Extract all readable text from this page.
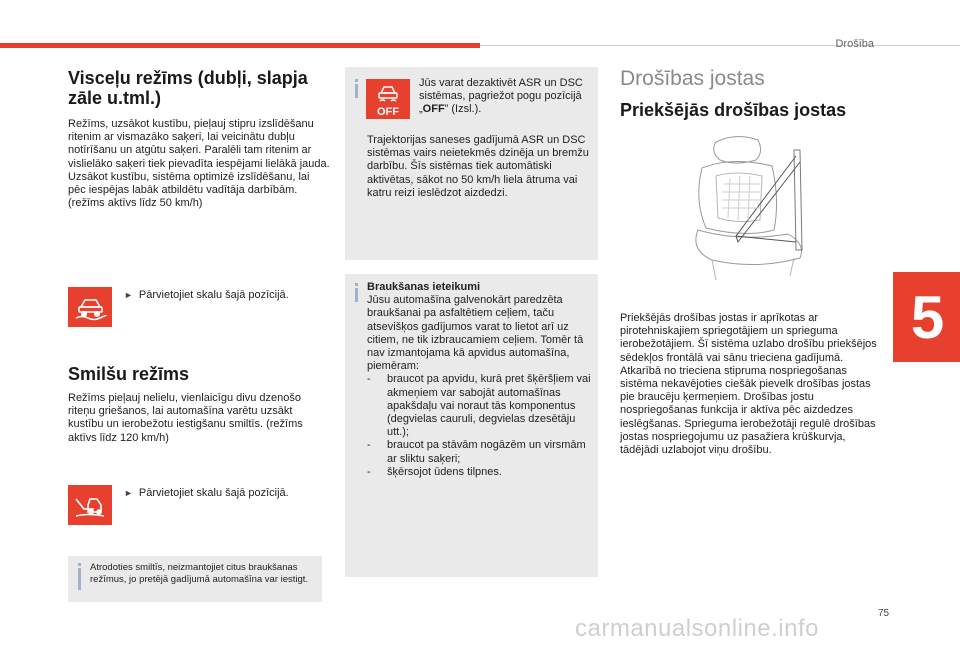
Drošība
5
75
carmanualsonline.info
Visceļu režīms (dubļi, slapja zāle u.tml.)
Režīms, uzsākot kustību, pieļauj stipru izslīdēšanu ritenim ar vismazāko saķeri, lai veicinātu dubļu notīrīšanu un atgūtu saķeri. Paralēli tam ritenim ar vislielāko saķeri tiek pievadīta iespējami lielākā jauda. Uzsākot kustību, sistēma optimizē izslīdēšanu, lai pēc iespējas labāk atbildētu vadītāja darbībām. (režīms aktīvs līdz 50 km/h)
► Pārvietojiet skalu šajā pozīcijā.
Smilšu režīms
Režīms pieļauj nelielu, vienlaicīgu divu dzenošo riteņu griešanos, lai automašīna varētu uzsākt kustību un ierobežotu iestigšanu smiltīs. (režīms aktīvs līdz 120 km/h)
► Pārvietojiet skalu šajā pozīcijā.
Atrodoties smiltīs, neizmantojiet citus braukšanas režīmus, jo pretējā gadījumā automašīna var iestigt.
OFF
Jūs varat dezaktivēt ASR un DSC sistēmas, pagriežot pogu pozīcijā „OFF” (Izsl.).
Trajektorijas saneses gadījumā ASR un DSC sistēmas vairs neietekmēs dzinēja un bremžu darbību. Šīs sistēmas tiek automātiski aktivētas, sākot no 50 km/h liela ātruma vai katru reizi ieslēdzot aizdedzi.
Braukšanas ieteikumi
Jūsu automašīna galvenokārt paredzēta braukšanai pa asfaltētiem ceļiem, taču atsevišķos gadījumos varat to lietot arī uz citiem, ne tik izbraucamiem ceļiem. Tomēr tā nav izmantojama kā apvidus automašīna, piemēram:
-	braucot pa apvidu, kurā pret šķēršļiem vai akmeņiem var sabojāt automašīnas apakšdaļu vai noraut tās komponentus (degvielas cauruli, degvielas dzesētāju utt.);
-	braucot pa stāvām nogāzēm un virsmām ar sliktu saķeri;
-	šķērsojot ūdens tilpnes.
Drošības jostas
Priekšējās drošības jostas
Priekšējās drošības jostas ir aprīkotas ar pirotehniskajiem spriegotājiem un spriegumа ierobežotājiem. Šī sistēma uzlabo drošību priekšējos sēdekļos frontālā vai sānu trieciena gadījumā. Atkarībā no trieciena stipruma nospriegošanas sistēma nekavējoties ciešāk pievelk drošības jostas pie braucēju ķermeņiem. Drošības jostu nospriegošanas funkcija ir aktīva pēc aizdedzes ieslēgšanas. Spriegumа ierobežotāji regulē drošības jostas nospriegojumu uz pasažiera krūškurvja, tādējādi uzlabojot viņu drošību.
